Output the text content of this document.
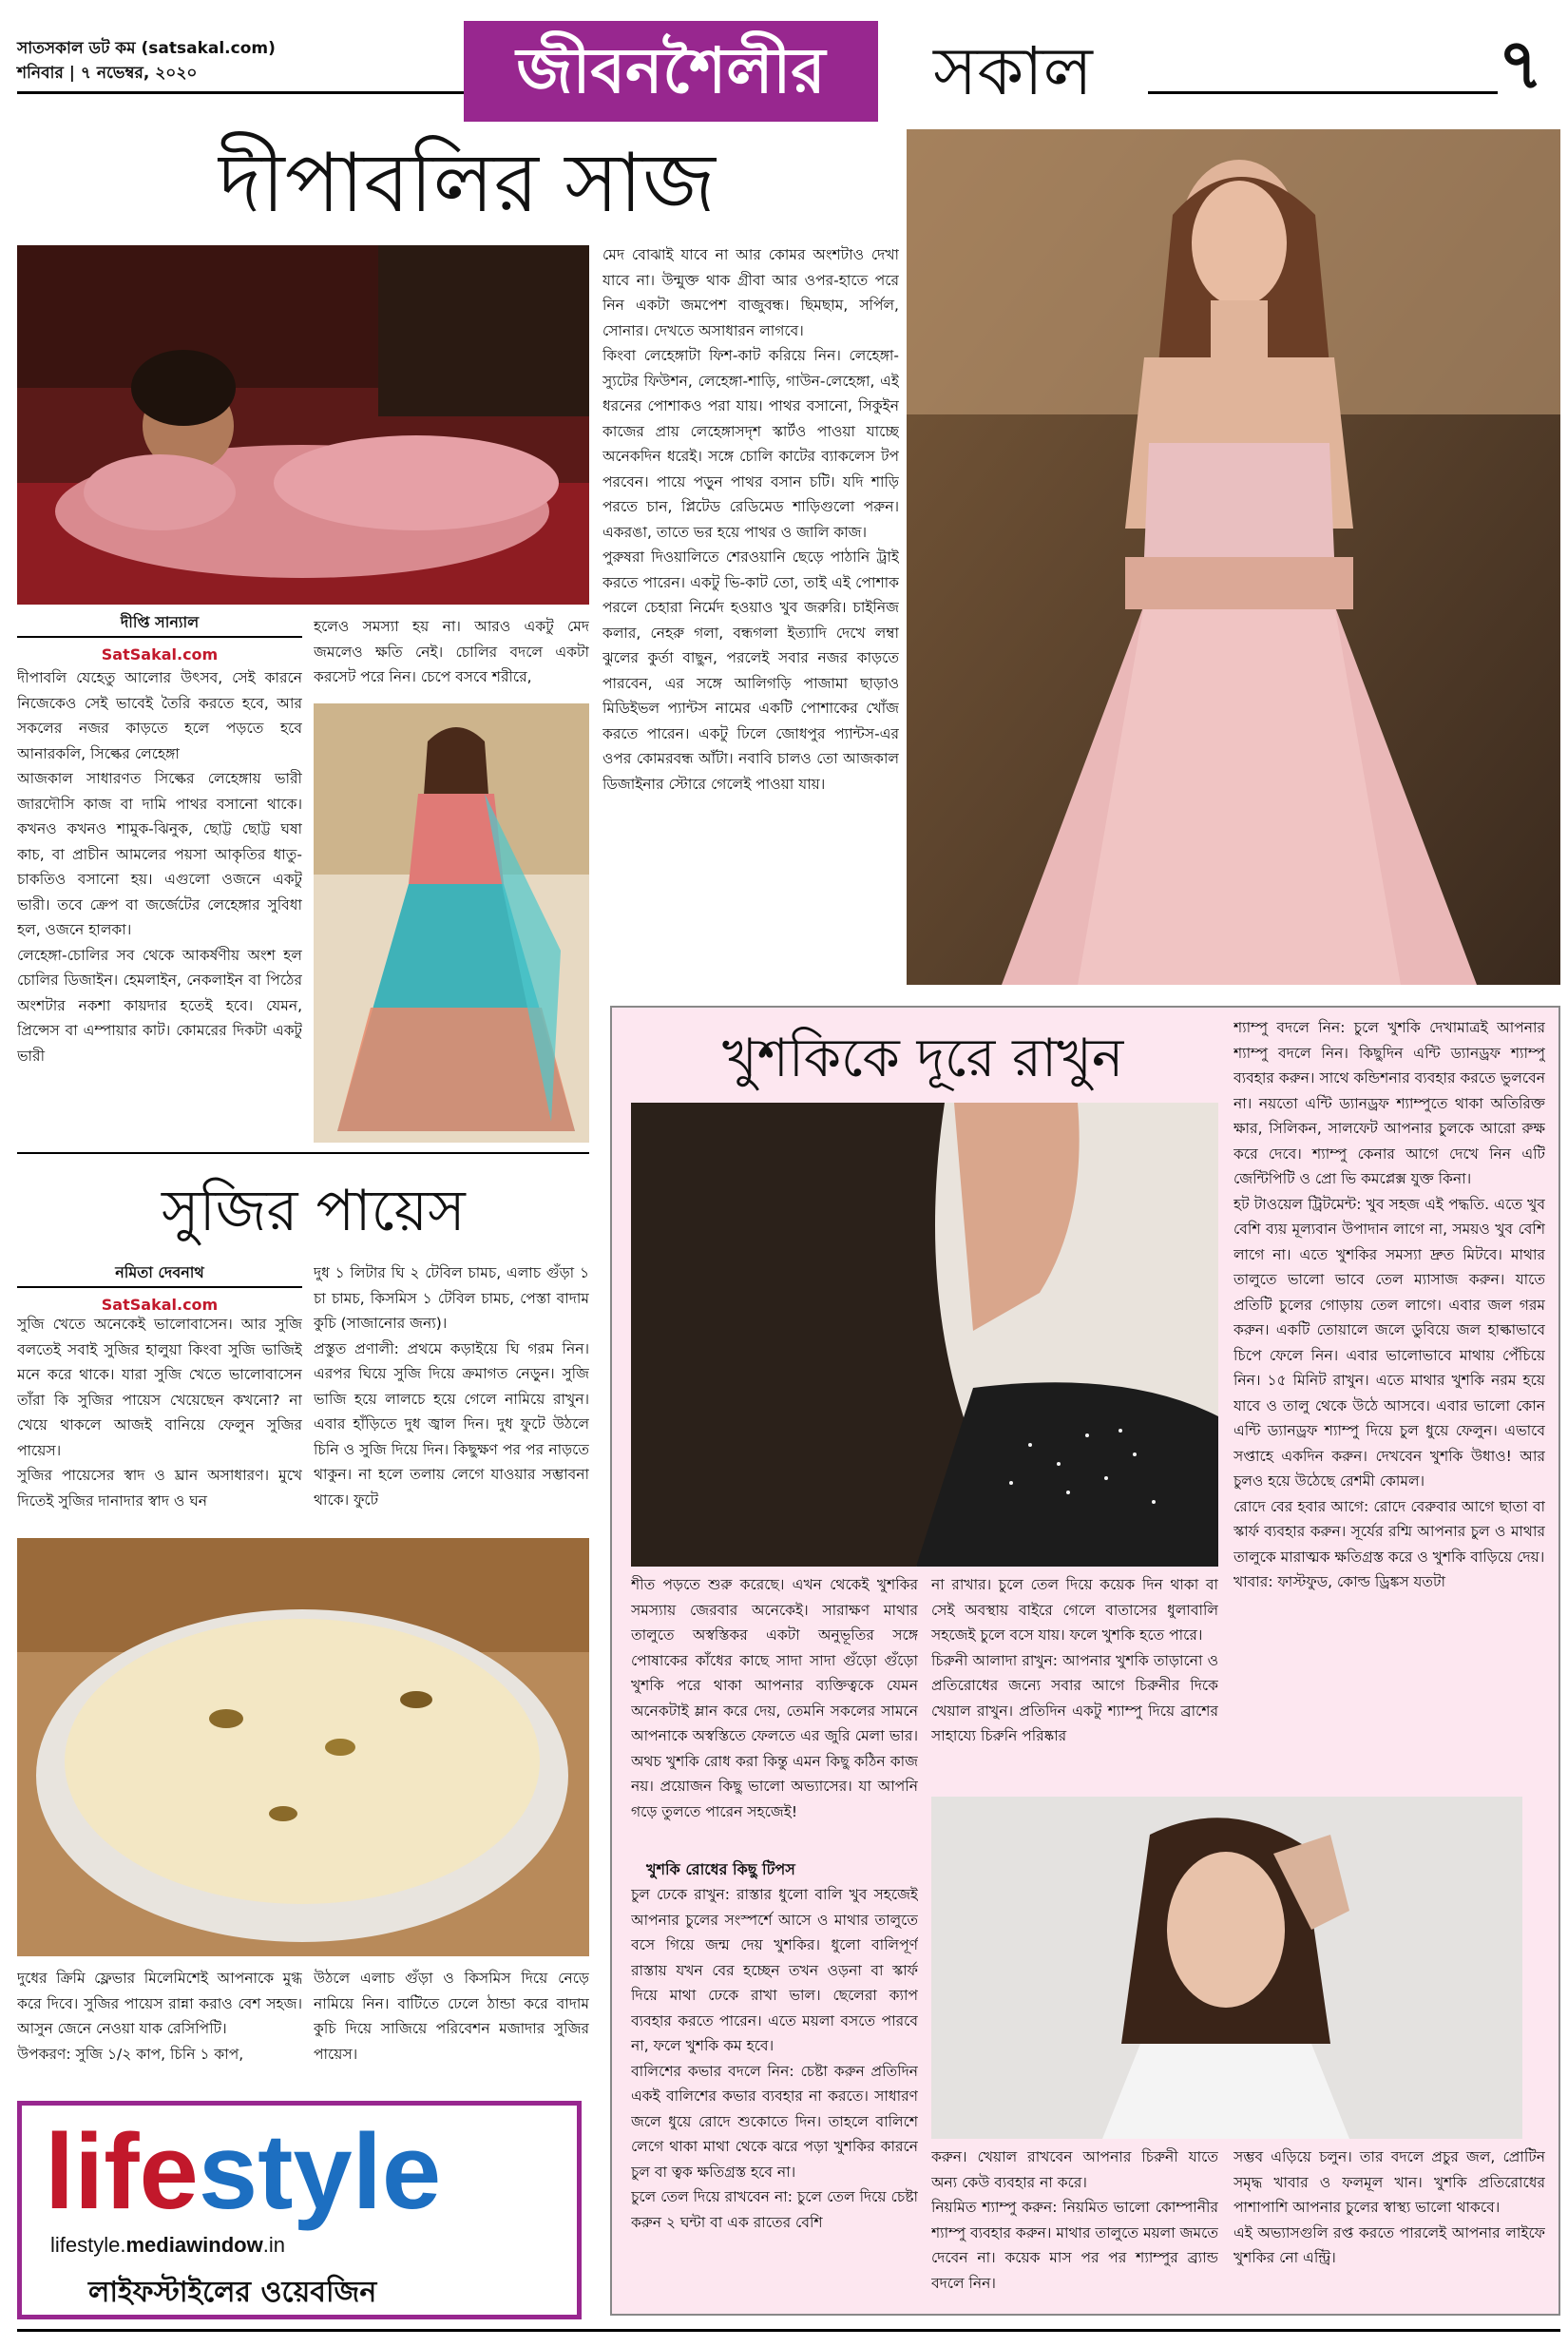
সাতসকাল ডট কম (satsakal.com)
শনিবার | ৭ নভেম্বর, ২০২০	জীবনশৈলীর	সকাল	৭
দীপাবলির সাজ
দীপ্তি সান্যাল
SatSakal.com
দীপাবলি যেহেতু আলোর উৎসব, সেই কারনে নিজেকেও সেই ভাবেই তৈরি করতে হবে, আর সকলের নজর কাড়তে হলে পড়তে হবে আনারকলি, সিল্কের লেহেঙ্গা
আজকাল সাধারণত সিল্কের লেহেঙ্গায় ভারী জারদৌসি কাজ বা দামি পাথর বসানো থাকে। কখনও কখনও শামুক-ঝিনুক, ছোট্ট ছোট্ট ঘষা কাচ, বা প্রাচীন আমলের পয়সা আকৃতির ধাতু-চাকতিও বসানো হয়। এগুলো ওজনে একটু ভারী। তবে ক্রেপ বা জর্জেটের লেহেঙ্গার সুবিধা হল, ওজনে হালকা।
লেহেঙ্গা-চোলির সব থেকে আকর্ষণীয় অংশ হল চোলির ডিজাইন। হেমলাইন, নেকলাইন বা পিঠের অংশটার নকশা কায়দার হতেই হবে। যেমন, প্রিন্সেস বা এম্পায়ার কাট। কোমরের দিকটা একটু ভারী
হলেও সমস্যা হয় না। আরও একটু মেদ জমলেও ক্ষতি নেই। চোলির বদলে একটা করসেট পরে নিন। চেপে বসবে শরীরে,
মেদ বোঝাই যাবে না আর কোমর অংশটাও দেখা যাবে না। উন্মুক্ত থাক গ্রীবা আর ওপর-হাতে পরে নিন একটা জমপেশ বাজুবন্ধ। ছিমছাম, সর্পিল, সোনার। দেখতে অসাধারন লাগবে।
কিংবা লেহেঙ্গাটা ফিশ-কাট করিয়ে নিন। লেহেঙ্গা-স্যুটের ফিউশন, লেহেঙ্গা-শাড়ি, গাউন-লেহেঙ্গা, এই ধরনের পোশাকও পরা যায়। পাথর বসানো, সিকুইন কাজের প্রায় লেহেঙ্গাসদৃশ স্কার্টও পাওয়া যাচ্ছে অনেকদিন ধরেই। সঙ্গে চোলি কাটের ব্যাকলেস টপ পরবেন। পায়ে পড়ুন পাথর বসান চটি। যদি শাড়ি পরতে চান, প্লিটেড রেডিমেড শাড়িগুলো পরুন। একরঙা, তাতে ভর হয়ে পাথর ও জালি কাজ।
পুরুষরা দিওয়ালিতে শেরওয়ানি ছেড়ে পাঠানি ট্রাই করতে পারেন। একটু ভি-কাট তো, তাই এই পোশাক পরলে চেহারা নির্মেদ হওয়াও খুব জরুরি। চাইনিজ কলার, নেহরু গলা, বন্ধগলা ইত্যাদি দেখে লম্বা ঝুলের কুর্তা বাছুন, পরলেই সবার নজর কাড়তে পারবেন, এর সঙ্গে আলিগড়ি পাজামা ছাড়াও মিডিইভল প্যান্টস নামের একটি পোশাকের খোঁজ করতে পারেন। একটু ঢিলে জোধপুর প্যান্টস-এর ওপর কোমরবন্ধ আঁটা। নবাবি চালও তো আজকাল ডিজাইনার স্টোরে গেলেই পাওয়া যায়।
সুজির পায়েস
নমিতা দেবনাথ
SatSakal.com
সুজি খেতে অনেকেই ভালোবাসেন। আর সুজি বলতেই সবাই সুজির হালুয়া কিংবা সুজি ভাজিই মনে করে থাকে। যারা সুজি খেতে ভালোবাসেন তাঁরা কি সুজির পায়েস খেয়েছেন কখনো? না খেয়ে থাকলে আজই বানিয়ে ফেলুন সুজির পায়েস।
সুজির পায়েসের স্বাদ ও ঘ্রান অসাধারণ। মুখে দিতেই সুজির দানাদার স্বাদ ও ঘন
দুধ ১ লিটার ঘি ২ টেবিল চামচ, এলাচ গুঁড়া ১ চা চামচ, কিসমিস ১ টেবিল চামচ, পেস্তা বাদাম কুচি (সাজানোর জন্য)।
প্রস্তুত প্রণালী: প্রথমে কড়াইয়ে ঘি গরম নিন। এরপর ঘিয়ে সুজি দিয়ে ক্রমাগত নেড়ুন। সুজি ভাজি হয়ে লালচে হয়ে গেলে নামিয়ে রাখুন। এবার হাঁড়িতে দুধ জ্বাল দিন। দুধ ফুটে উঠলে চিনি ও সুজি দিয়ে দিন। কিছুক্ষণ পর পর নাড়তে থাকুন। না হলে তলায় লেগে যাওয়ার সম্ভাবনা থাকে। ফুটে
দুধের ক্রিমি ফ্লেভার মিলেমিশেই আপনাকে মুগ্ধ করে দিবে। সুজির পায়েস রান্না করাও বেশ সহজ। আসুন জেনে নেওয়া যাক রেসিপিটি।
উপকরণ: সুজি ১/২ কাপ, চিনি ১ কাপ,
উঠলে এলাচ গুঁড়া ও কিসমিস দিয়ে নেড়ে নামিয়ে নিন। বাটিতে ঢেলে ঠান্ডা করে বাদাম কুচি দিয়ে সাজিয়ে পরিবেশন মজাদার সুজির পায়েস।
lifestyle
lifestyle.mediawindow.in
লাইফস্টাইলের ওয়েবজিন
খুশকিকে দূরে রাখুন	শ্যাম্পু বদলে নিন: চুলে খুশকি দেখামাত্রই আপনার শ্যাম্পু বদলে নিন। কিছুদিন এন্টি ড্যানড্রফ শ্যাম্পু ব্যবহার করুন। সাথে কন্ডিশনার ব্যবহার করতে ভুলবেন না। নয়তো এন্টি ড্যানড্রফ শ্যাম্পুতে থাকা অতিরিক্ত ক্ষার, সিলিকন, সালফেট আপনার চুলকে আরো রুক্ষ করে দেবে। শ্যাম্পু কেনার আগে দেখে নিন এটি জেন্টিপিটি ও প্রো ভি কমপ্লেক্স যুক্ত কিনা।
হট টাওয়েল ট্রিটমেন্ট: খুব সহজ এই পদ্ধতি. এতে খুব বেশি ব্যয় মূল্যবান উপাদান লাগে না, সময়ও খুব বেশি লাগে না। এতে খুশকির সমস্যা দ্রুত মিটবে। মাথার তালুতে ভালো ভাবে তেল ম্যাসাজ করুন। যাতে প্রতিটি চুলের গোড়ায় তেল লাগে। এবার জল গরম করুন। একটি তোয়ালে জলে ডুবিয়ে জল হাল্কাভাবে চিপে ফেলে নিন। এবার ভালোভাবে মাথায় পেঁচিয়ে নিন। ১৫ মিনিট রাখুন। এতে মাথার খুশকি নরম হয়ে যাবে ও তালু থেকে উঠে আসবে। এবার ভালো কোন এন্টি ড্যানড্রফ শ্যাম্পু দিয়ে চুল ধুয়ে ফেলুন। এভাবে সপ্তাহে একদিন করুন। দেখবেন খুশকি উধাও! আর চুলও হয়ে উঠেছে রেশমী কোমল।
রোদে বের হবার আগে: রোদে বেরুবার আগে ছাতা বা স্কার্ফ ব্যবহার করুন। সূর্যের রশ্মি আপনার চুল ও মাথার তালুকে মারাত্মক ক্ষতিগ্রস্ত করে ও খুশকি বাড়িয়ে দেয়।
খাবার: ফাস্টফুড, কোল্ড ড্রিঙ্কস যতটা
শীত পড়তে শুরু করেছে। এখন থেকেই খুশকির সমস্যায় জেরবার অনেকেই। সারাক্ষণ মাথার তালুতে অস্বস্তিকর একটা অনুভূতির সঙ্গে পোষাকের কাঁধের কাছে সাদা সাদা গুঁড়ো গুঁড়ো খুশকি পরে থাকা আপনার ব্যক্তিত্বকে যেমন অনেকটাই ম্লান করে দেয়, তেমনি সকলের সামনে আপনাকে অস্বস্তিতে ফেলতে এর জুরি মেলা ভার। অথচ খুশকি রোধ করা কিন্তু এমন কিছু কঠিন কাজ নয়। প্রয়োজন কিছু ভালো অভ্যাসের। যা আপনি গড়ে তুলতে পারেন সহজেই!
খুশকি রোধের কিছু টিপস
চুল ঢেকে রাখুন: রাস্তার ধুলো বালি খুব সহজেই আপনার চুলের সংস্পর্শে আসে ও মাথার তালুতে বসে গিয়ে জন্ম দেয় খুশকির। ধুলো বালিপূর্ণ রাস্তায় যখন বের হচ্ছেন তখন ওড়না বা স্কার্ফ দিয়ে মাথা ঢেকে রাখা ভাল। ছেলেরা ক্যাপ ব্যবহার করতে পারেন। এতে ময়লা বসতে পারবে না, ফলে খুশকি কম হবে।
বালিশের কভার বদলে নিন: চেষ্টা করুন প্রতিদিন একই বালিশের কভার ব্যবহার না করতে। সাধারণ জলে ধুয়ে রোদে শুকোতে দিন। তাহলে বালিশে লেগে থাকা মাথা থেকে ঝরে পড়া খুশকির কারনে চুল বা ত্বক ক্ষতিগ্রস্ত হবে না।
চুলে তেল দিয়ে রাখবেন না: চুলে তেল দিয়ে চেষ্টা করুন ২ ঘন্টা বা এক রাতের বেশি
না রাখার। চুলে তেল দিয়ে কয়েক দিন থাকা বা সেই অবস্থায় বাইরে গেলে বাতাসের ধুলাবালি সহজেই চুলে বসে যায়। ফলে খুশকি হতে পারে।
চিরুনী আলাদা রাখুন: আপনার খুশকি তাড়ানো ও প্রতিরোধের জন্যে সবার আগে চিরুনীর দিকে খেয়াল রাখুন। প্রতিদিন একটু শ্যাম্পু দিয়ে ব্রাশের সাহায্যে চিরুনি পরিষ্কার
করুন। খেয়াল রাখবেন আপনার চিরুনী যাতে অন্য কেউ ব্যবহার না করে।
নিয়মিত শ্যাম্পু করুন: নিয়মিত ভালো কোম্পানীর শ্যাম্পু ব্যবহার করুন। মাথার তালুতে ময়লা জমতে দেবেন না। কয়েক মাস পর পর শ্যাম্পুর ব্র্যান্ড বদলে নিন।
সম্ভব এড়িয়ে চলুন। তার বদলে প্রচুর জল, প্রোটিন সমৃদ্ধ খাবার ও ফলমূল খান। খুশকি প্রতিরোধের পাশাপাশি আপনার চুলের স্বাস্থ্য ভালো থাকবে।
এই অভ্যাসগুলি রপ্ত করতে পারলেই আপনার লাইফে খুশকির নো এন্ট্রি।
